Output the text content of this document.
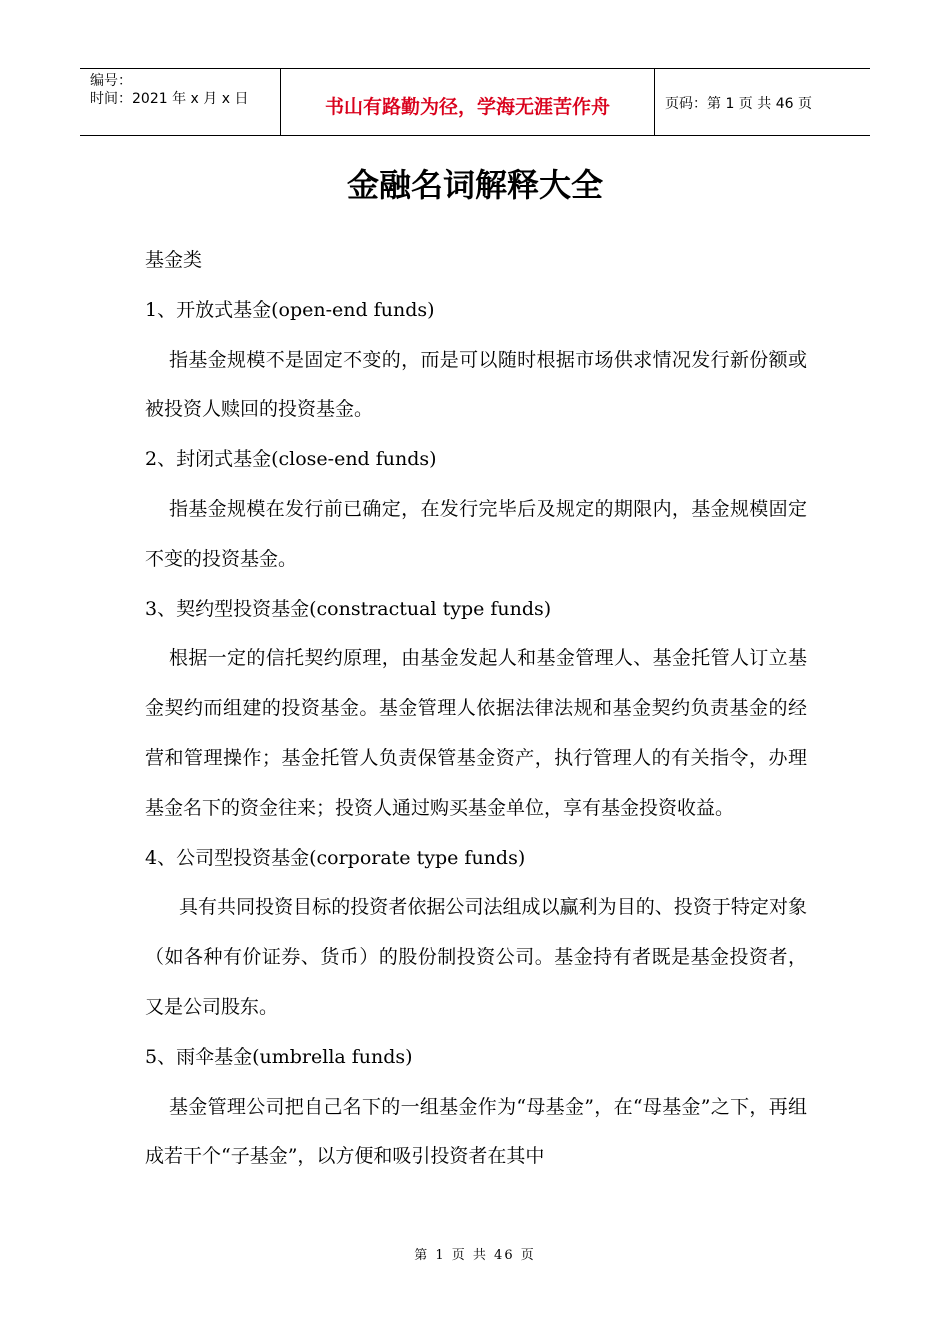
编号：
时间：2021 年 x 月 x 日	书山有路勤为径，学海无涯苦作舟	页码：第 1 页 共 46 页
金融名词解释大全

基金类

1、开放式基金(open-end funds)

指基金规模不是固定不变的，而是可以随时根据市场供求情况发行新份额或被投资人赎回的投资基金。

2、封闭式基金(close-end funds)

指基金规模在发行前已确定，在发行完毕后及规定的期限内，基金规模固定不变的投资基金。

3、契约型投资基金(constractual type funds)

根据一定的信托契约原理，由基金发起人和基金管理人、基金托管人订立基金契约而组建的投资基金。基金管理人依据法律法规和基金契约负责基金的经营和管理操作；基金托管人负责保管基金资产，执行管理人的有关指令，办理基金名下的资金往来；投资人通过购买基金单位，享有基金投资收益。

4、公司型投资基金(corporate type funds)

具有共同投资目标的投资者依据公司法组成以赢利为目的、投资于特定对象（如各种有价证券、货币）的股份制投资公司。基金持有者既是基金投资者，又是公司股东。

5、雨伞基金(umbrella funds)

基金管理公司把自己名下的一组基金作为“母基金”，在“母基金”之下，再组成若干个“子基金”，以方便和吸引投资者在其中

第 1 页 共 46 页
